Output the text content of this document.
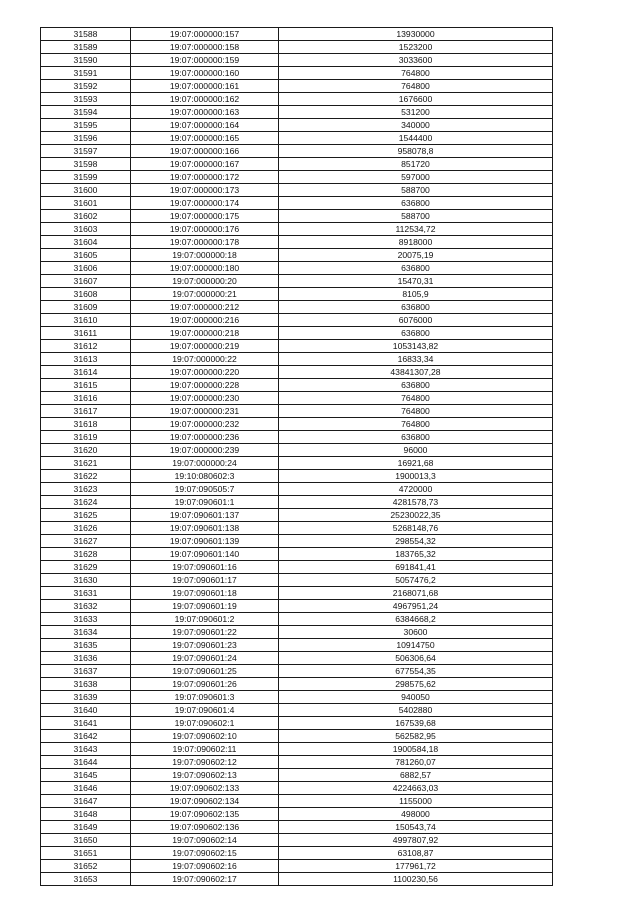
31588	19:07:000000:157	13930000
31589	19:07:000000:158	1523200
31590	19:07:000000:159	3033600
31591	19:07:000000:160	764800
31592	19:07:000000:161	764800
31593	19:07:000000:162	1676600
31594	19:07:000000:163	531200
31595	19:07:000000:164	340000
31596	19:07:000000:165	1544400
31597	19:07:000000:166	958078,8
31598	19:07:000000:167	851720
31599	19:07:000000:172	597000
31600	19:07:000000:173	588700
31601	19:07:000000:174	636800
31602	19:07:000000:175	588700
31603	19:07:000000:176	112534,72
31604	19:07:000000:178	8918000
31605	19:07:000000:18	20075,19
31606	19:07:000000:180	636800
31607	19:07:000000:20	15470,31
31608	19:07:000000:21	8105,9
31609	19:07:000000:212	636800
31610	19:07:000000:216	6076000
31611	19:07:000000:218	636800
31612	19:07:000000:219	1053143,82
31613	19:07:000000:22	16833,34
31614	19:07:000000:220	43841307,28
31615	19:07:000000:228	636800
31616	19:07:000000:230	764800
31617	19:07:000000:231	764800
31618	19:07:000000:232	764800
31619	19:07:000000:236	636800
31620	19:07:000000:239	96000
31621	19:07:000000:24	16921,68
31622	19:10:080602:3	1900013,3
31623	19:07:090505:7	4720000
31624	19:07:090601:1	4281578,73
31625	19:07:090601:137	25230022,35
31626	19:07:090601:138	5268148,76
31627	19:07:090601:139	298554,32
31628	19:07:090601:140	183765,32
31629	19:07:090601:16	691841,41
31630	19:07:090601:17	5057476,2
31631	19:07:090601:18	2168071,68
31632	19:07:090601:19	4967951,24
31633	19:07:090601:2	6384668,2
31634	19:07:090601:22	30600
31635	19:07:090601:23	10914750
31636	19:07:090601:24	506306,64
31637	19:07:090601:25	677554,35
31638	19:07:090601:26	298575,62
31639	19:07:090601:3	940050
31640	19:07:090601:4	5402880
31641	19:07:090602:1	167539,68
31642	19:07:090602:10	562582,95
31643	19:07:090602:11	1900584,18
31644	19:07:090602:12	781260,07
31645	19:07:090602:13	6882,57
31646	19:07:090602:133	4224663,03
31647	19:07:090602:134	1155000
31648	19:07:090602:135	498000
31649	19:07:090602:136	150543,74
31650	19:07:090602:14	4997807,92
31651	19:07:090602:15	63108,87
31652	19:07:090602:16	177961,72
31653	19:07:090602:17	1100230,56
